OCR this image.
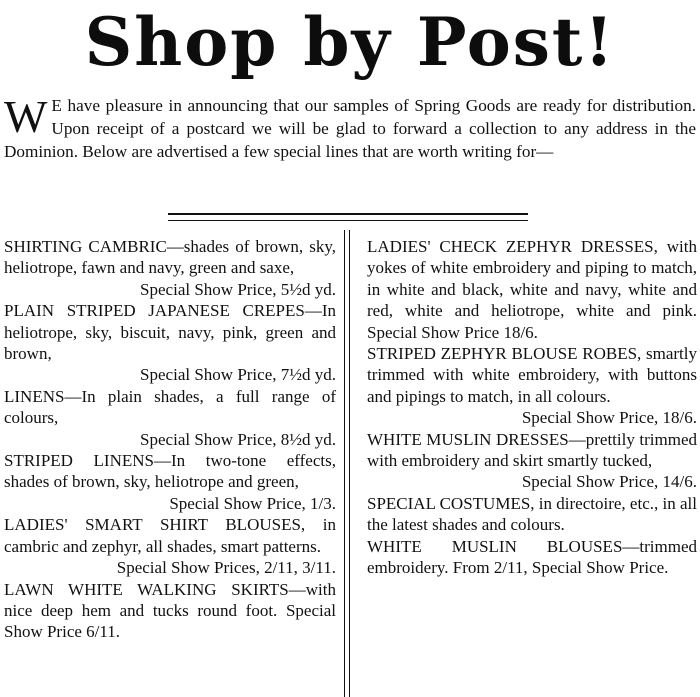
Shop by Post!
W E have pleasure in announcing that our samples of Spring Goods are ready for distribution. Upon receipt of a postcard we will be glad to forward a collection to any address in the Dominion. Below are advertised a few special lines that are worth writing for—
SHIRTING CAMBRIC—shades of brown, sky, heliotrope, fawn and navy, green and saxe,
Special Show Price, 5½d yd.
PLAIN STRIPED JAPANESE CREPES—In heliotrope, sky, biscuit, navy, pink, green and brown,
Special Show Price, 7½d yd.
LINENS—In plain shades, a full range of colours,
Special Show Price, 8½d yd.
STRIPED LINENS—In two-tone effects, shades of brown, sky, heliotrope and green,
Special Show Price, 1/3.
LADIES' SMART SHIRT BLOUSES, in cambric and zephyr, all shades, smart patterns.
Special Show Prices, 2/11, 3/11.
LAWN WHITE WALKING SKIRTS—with nice deep hem and tucks round foot. Special Show Price 6/11.
LADIES' CHECK ZEPHYR DRESSES, with yokes of white embroidery and piping to match, in white and black, white and navy, white and red, white and heliotrope, white and pink. Special Show Price 18/6.
STRIPED ZEPHYR BLOUSE ROBES, smartly trimmed with white embroidery, with buttons and pipings to match, in all colours.
Special Show Price, 18/6.
WHITE MUSLIN DRESSES—prettily trimmed with embroidery and skirt smartly tucked,
Special Show Price, 14/6.
SPECIAL COSTUMES, in directoire, etc., in all the latest shades and colours.
WHITE MUSLIN BLOUSES—trimmed embroidery. From 2/11, Special Show Price.
